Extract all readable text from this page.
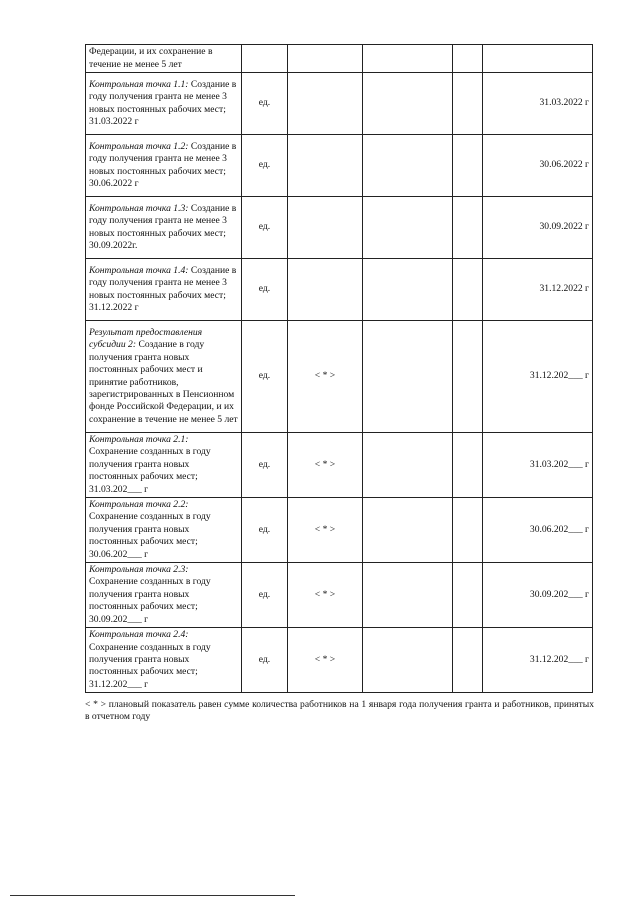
Федерации, и их сохранение в течение не менее 5 лет					
Контрольная точка 1.1: Создание в году получения гранта не менее 3 новых постоянных рабочих мест; 31.03.2022 г	ед.				31.03.2022 г
Контрольная точка 1.2: Создание в году получения гранта не менее 3 новых постоянных рабочих мест; 30.06.2022 г	ед.				30.06.2022 г
Контрольная точка 1.3: Создание в году получения гранта не менее 3 новых постоянных рабочих мест; 30.09.2022г.	ед.				30.09.2022 г
Контрольная точка 1.4: Создание в году получения гранта не менее 3 новых постоянных рабочих мест; 31.12.2022 г	ед.				31.12.2022 г
Результат предоставления субсидии 2: Создание в году получения гранта новых постоянных рабочих мест и принятие работников, зарегистрированных в Пенсионном фонде Российской Федерации, и их сохранение в течение не менее 5 лет	ед.	< * >			31.12.202___ г
Контрольная точка 2.1: Сохранение созданных в году получения гранта новых постоянных рабочих мест; 31.03.202___ г	ед.	< * >			31.03.202___ г
Контрольная точка 2.2: Сохранение созданных в году получения гранта новых постоянных рабочих мест; 30.06.202___ г	ед.	< * >			30.06.202___ г
Контрольная точка 2.3: Сохранение созданных в году получения гранта новых постоянных рабочих мест; 30.09.202___ г	ед.	< * >			30.09.202___ г
Контрольная точка 2.4: Сохранение созданных в году получения гранта новых постоянных рабочих мест; 31.12.202___ г	ед.	< * >			31.12.202___ г

< * > плановый показатель равен сумме количества работников на 1 января года получения гранта и работников, принятых в отчетном году
